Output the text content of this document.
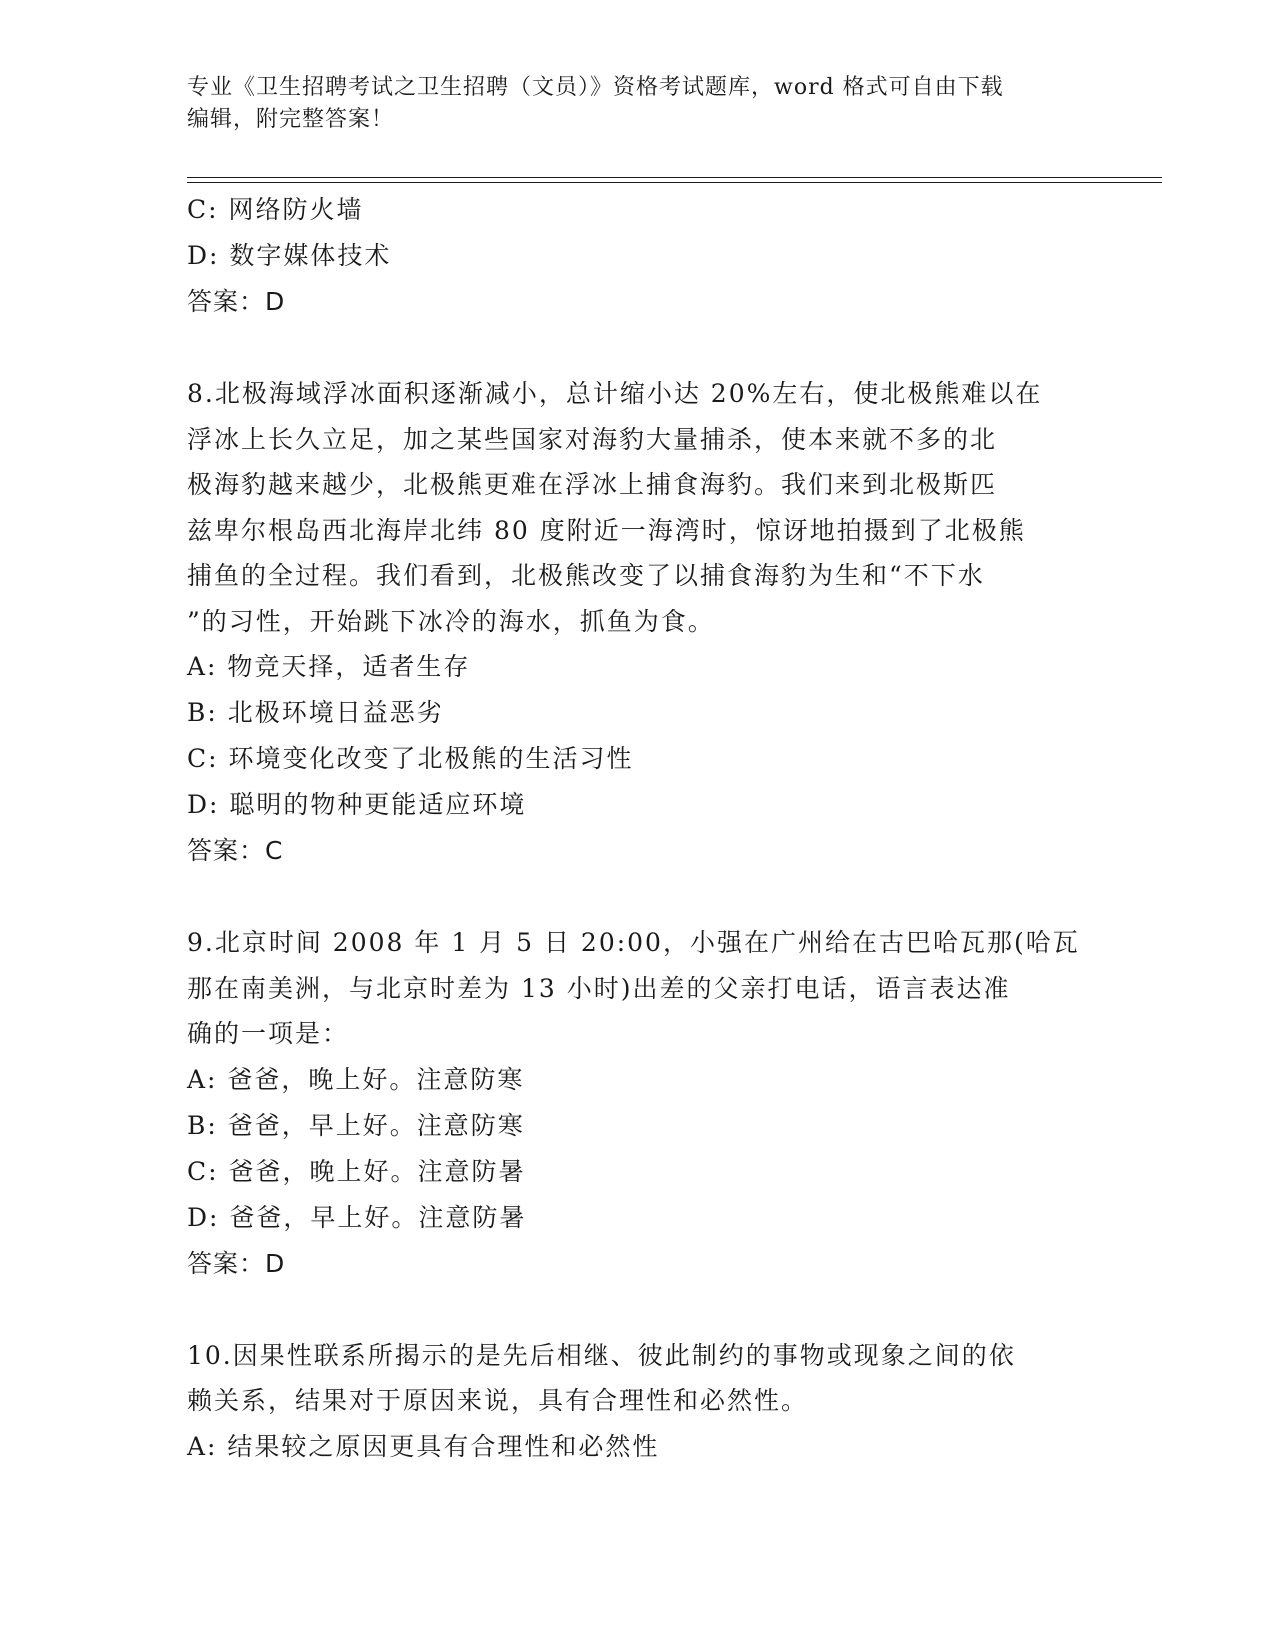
专业《卫生招聘考试之卫生招聘（文员）》资格考试题库，word 格式可自由下载
编辑，附完整答案！
C: 网络防火墙
D: 数字媒体技术
答案：D
8.北极海域浮冰面积逐渐减小，总计缩小达 20%左右，使北极熊难以在
浮冰上长久立足，加之某些国家对海豹大量捕杀，使本来就不多的北
极海豹越来越少，北极熊更难在浮冰上捕食海豹。我们来到北极斯匹
兹卑尔根岛西北海岸北纬 80 度附近一海湾时，惊讶地拍摄到了北极熊
捕鱼的全过程。我们看到，北极熊改变了以捕食海豹为生和“不下水
”的习性，开始跳下冰冷的海水，抓鱼为食。
A: 物竞天择，适者生存
B: 北极环境日益恶劣
C: 环境变化改变了北极熊的生活习性
D: 聪明的物种更能适应环境
答案：C
9.北京时间 2008 年 1 月 5 日 20:00，小强在广州给在古巴哈瓦那(哈瓦
那在南美洲，与北京时差为 13 小时)出差的父亲打电话，语言表达准
确的一项是：
A: 爸爸，晚上好。注意防寒
B: 爸爸，早上好。注意防寒
C: 爸爸，晚上好。注意防暑
D: 爸爸，早上好。注意防暑
答案：D
10.因果性联系所揭示的是先后相继、彼此制约的事物或现象之间的依
赖关系，结果对于原因来说，具有合理性和必然性。
A: 结果较之原因更具有合理性和必然性
